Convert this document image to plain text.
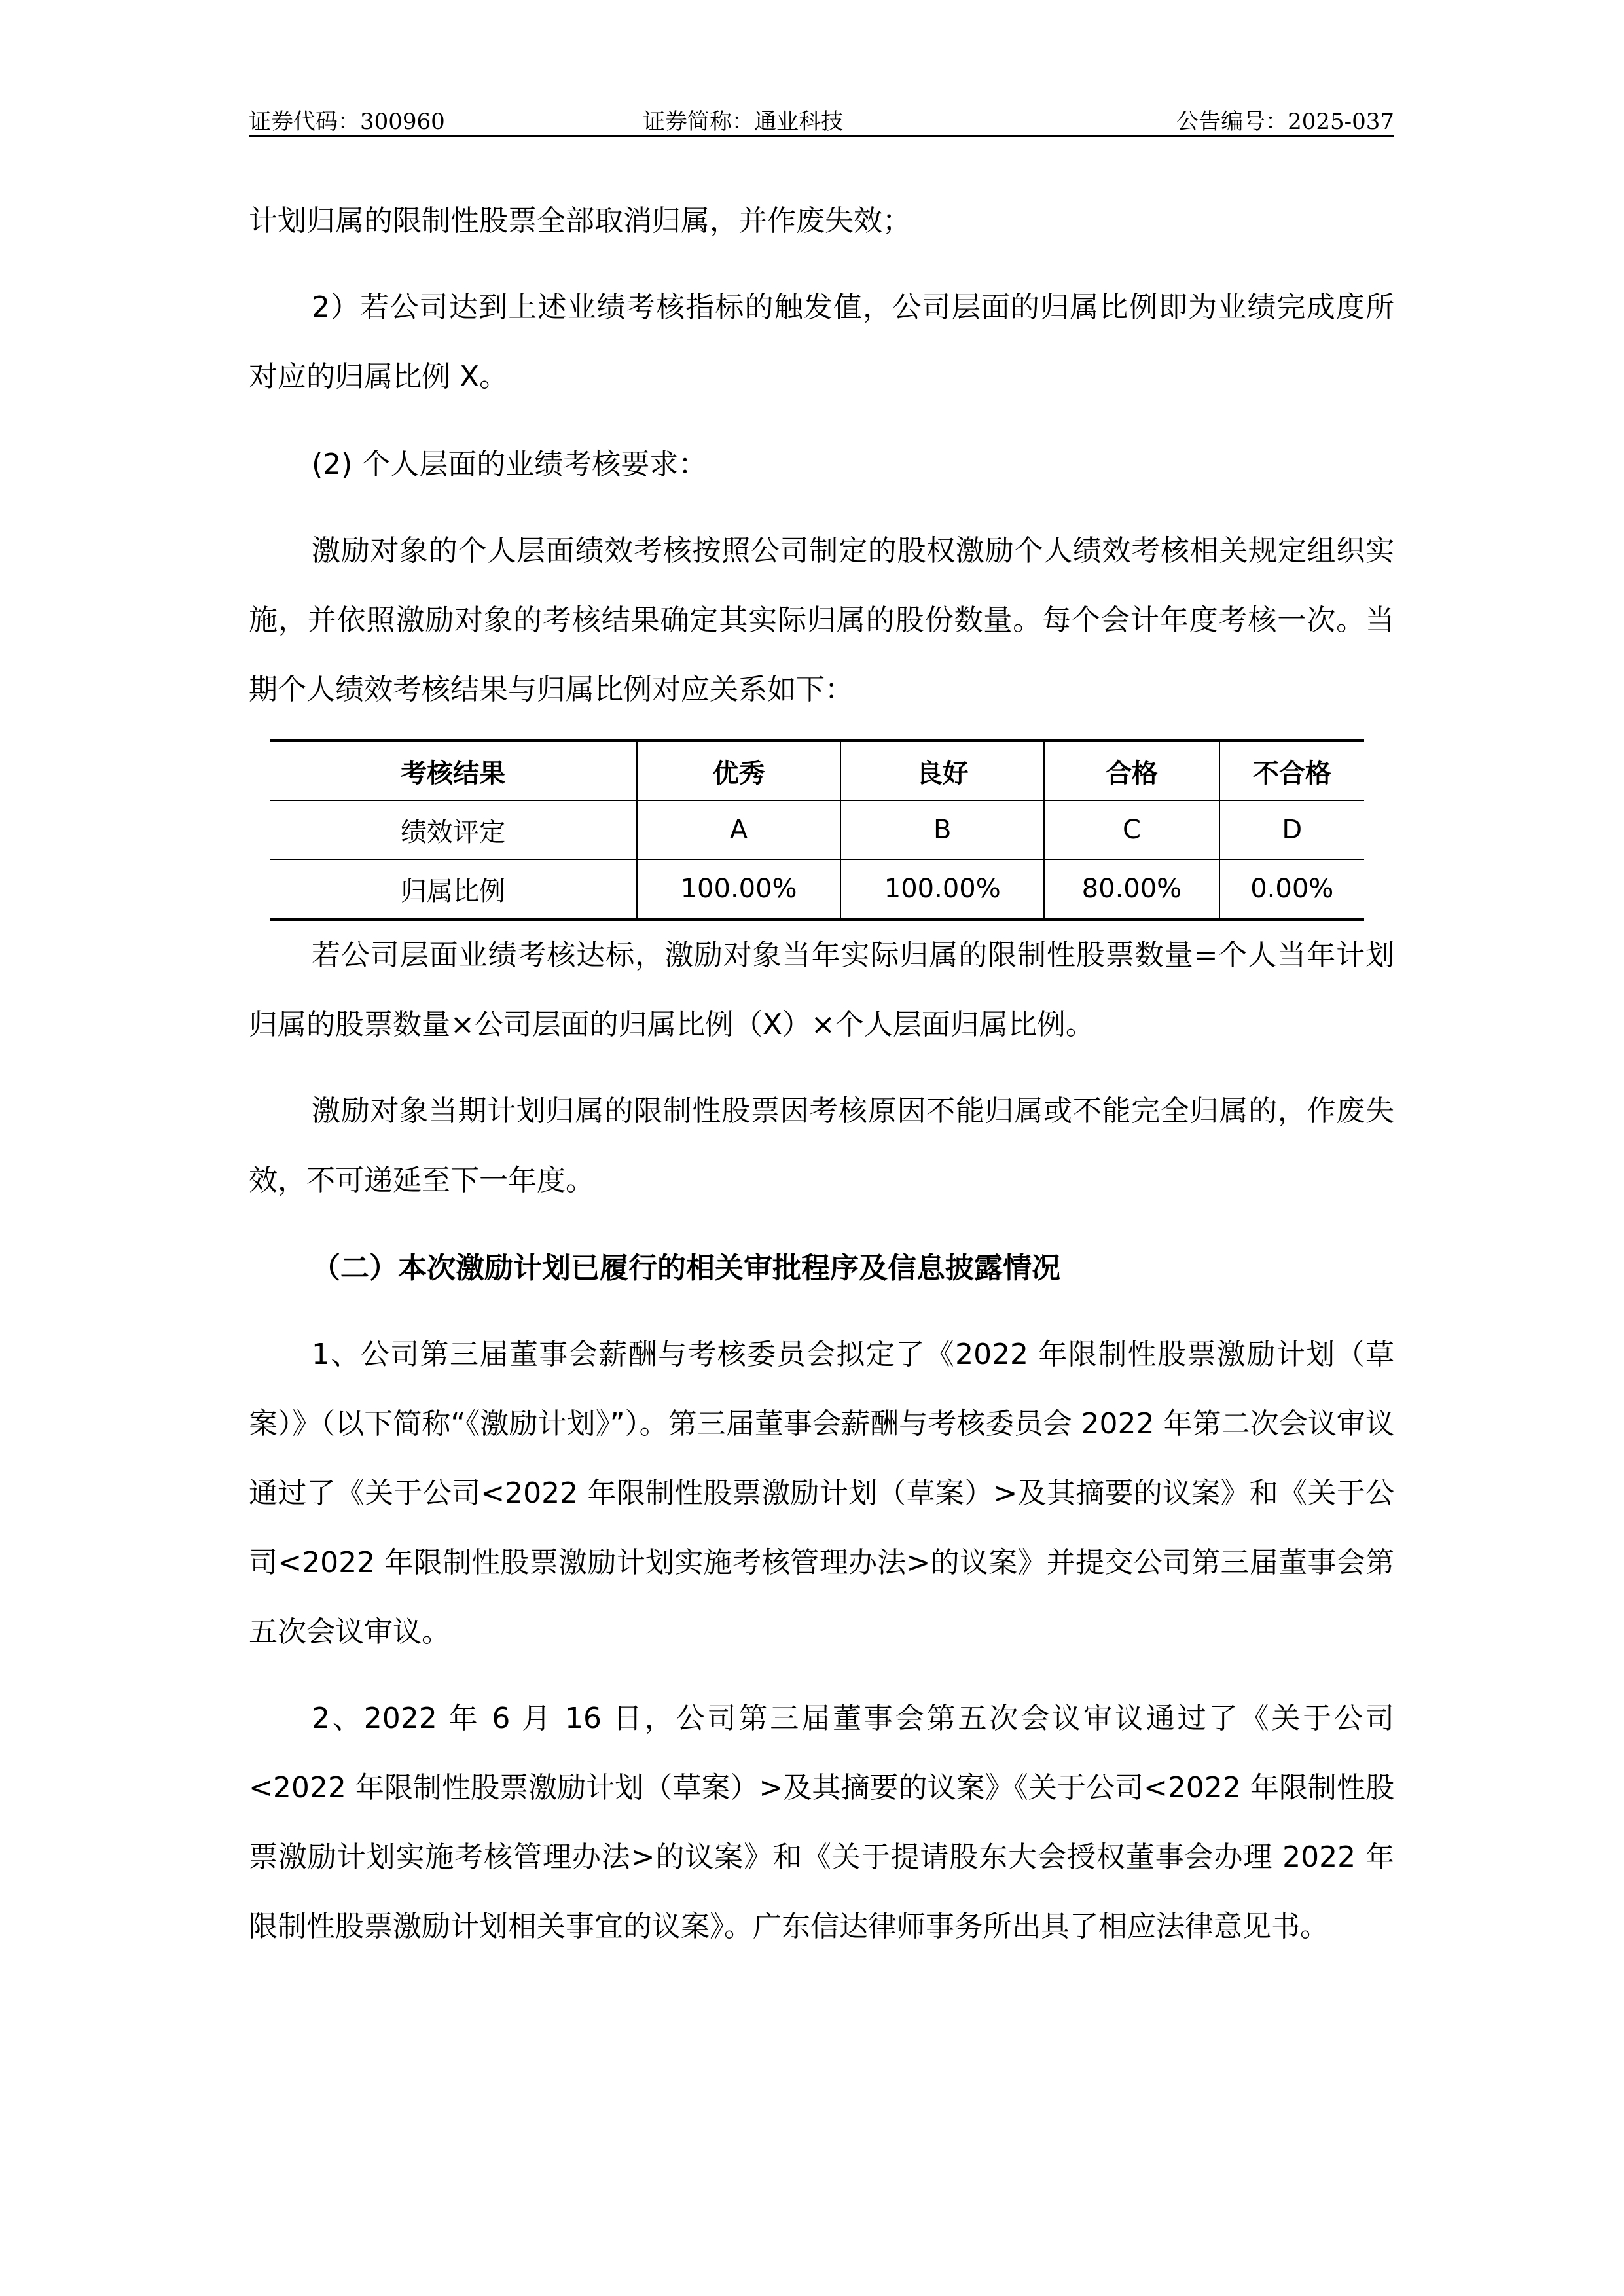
证券代码：300960	证券简称：通业科技	公告编号：2025-037

计划归属的限制性股票全部取消归属，并作废失效；

2）若公司达到上述业绩考核指标的触发值，公司层面的归属比例即为业绩完成度所对应的归属比例 X。

(2) 个人层面的业绩考核要求：

激励对象的个人层面绩效考核按照公司制定的股权激励个人绩效考核相关规定组织实施，并依照激励对象的考核结果确定其实际归属的股份数量。每个会计年度考核一次。当期个人绩效考核结果与归属比例对应关系如下：

考核结果	优秀	良好	合格	不合格
绩效评定	A	B	C	D
归属比例	100.00%	100.00%	80.00%	0.00%

若公司层面业绩考核达标，激励对象当年实际归属的限制性股票数量=个人当年计划归属的股票数量×公司层面的归属比例（X）×个人层面归属比例。

激励对象当期计划归属的限制性股票因考核原因不能归属或不能完全归属的，作废失效，不可递延至下一年度。

（二）本次激励计划已履行的相关审批程序及信息披露情况

1、公司第三届董事会薪酬与考核委员会拟定了《2022 年限制性股票激励计划（草案）》（以下简称“《激励计划》”）。第三届董事会薪酬与考核委员会 2022 年第二次会议审议通过了《关于公司<2022 年限制性股票激励计划（草案）>及其摘要的议案》和《关于公司<2022 年限制性股票激励计划实施考核管理办法>的议案》并提交公司第三届董事会第五次会议审议。

2、2022 年 6 月 16 日，公司第三届董事会第五次会议审议通过了《关于公司<2022 年限制性股票激励计划（草案）>及其摘要的议案》《关于公司<2022 年限制性股票激励计划实施考核管理办法>的议案》和《关于提请股东大会授权董事会办理 2022 年限制性股票激励计划相关事宜的议案》。广东信达律师事务所出具了相应法律意见书。
